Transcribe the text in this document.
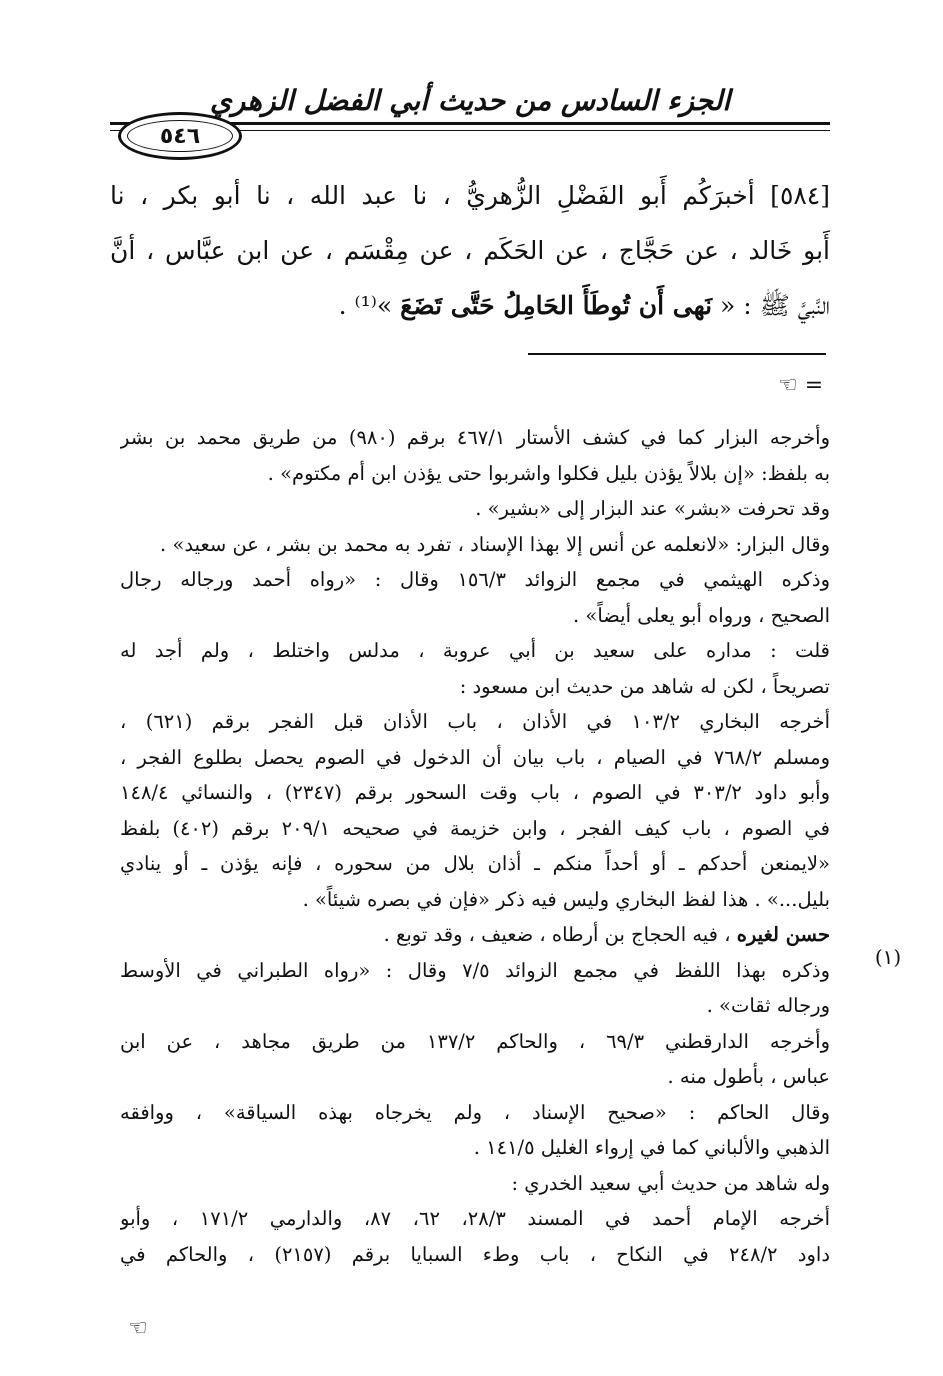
الجزء السادس من حديث أبي الفضل الزهري
٥٤٦
[٥٨٤] أخبرَكُم أَبو الفَضْلِ الزُّهريُّ ، نا عبد الله ، نا أبو بكر ، نا
أَبو خَالد ، عن حَجَّاج ، عن الحَكَم ، عن مِقْسَم ، عن ابن عبَّاس ، أنَّ
النَّبيَّ ﷺ : « نَهى أَن تُوطَأَ الحَامِلُ حَتَّى تَضَعَ »⁽¹⁾ .
= ☜
وأخرجه البزار كما في كشف الأستار ٤٦٧/١ برقم (٩٨٠) من طريق محمد بن بشر
به بلفظ: «إن بلالاً يؤذن بليل فكلوا واشربوا حتى يؤذن ابن أم مكتوم» .
وقد تحرفت «بشر» عند البزار إلى «بشير» .
وقال البزار: «لانعلمه عن أنس إلا بهذا الإسناد ، تفرد به محمد بن بشر ، عن سعيد» .
وذكره الهيثمي في مجمع الزوائد ١٥٦/٣ وقال : «رواه أحمد ورجاله رجال
الصحيح ، ورواه أبو يعلى أيضاً» .
قلت : مداره على سعيد بن أبي عروبة ، مدلس واختلط ، ولم أجد له
تصريحاً ، لكن له شاهد من حديث ابن مسعود :
أخرجه البخاري ١٠٣/٢ في الأذان ، باب الأذان قبل الفجر برقم (٦٢١) ،
ومسلم ٧٦٨/٢ في الصيام ، باب بيان أن الدخول في الصوم يحصل بطلوع الفجر ،
وأبو داود ٣٠٣/٢ في الصوم ، باب وقت السحور برقم (٢٣٤٧) ، والنسائي ١٤٨/٤
في الصوم ، باب كيف الفجر ، وابن خزيمة في صحيحه ٢٠٩/١ برقم (٤٠٢) بلفظ
«لايمنعن أحدكم ـ أو أحداً منكم ـ أذان بلال من سحوره ، فإنه يؤذن ـ أو ينادي
بليل...» . هذا لفظ البخاري وليس فيه ذكر «فإن في بصره شيئاً» .
حسن لغيره ، فيه الحجاج بن أرطاه ، ضعيف ، وقد توبع .
وذكره بهذا اللفظ في مجمع الزوائد ٧/٥ وقال : «رواه الطبراني في الأوسط
ورجاله ثقات» .
وأخرجه الدارقطني ٦٩/٣ ، والحاكم ١٣٧/٢ من طريق مجاهد ، عن ابن
عباس ، بأطول منه .
وقال الحاكم : «صحيح الإسناد ، ولم يخرجاه بهذه السياقة» ، ووافقه
الذهبي والألباني كما في إرواء الغليل ١٤١/٥ .
وله شاهد من حديث أبي سعيد الخدري :
أخرجه الإمام أحمد في المسند ٢٨/٣، ٦٢، ٨٧، والدارمي ١٧١/٢ ، وأبو
داود ٢٤٨/٢ في النكاح ، باب وطء السبايا برقم (٢١٥٧) ، والحاكم في
(١)
☜
